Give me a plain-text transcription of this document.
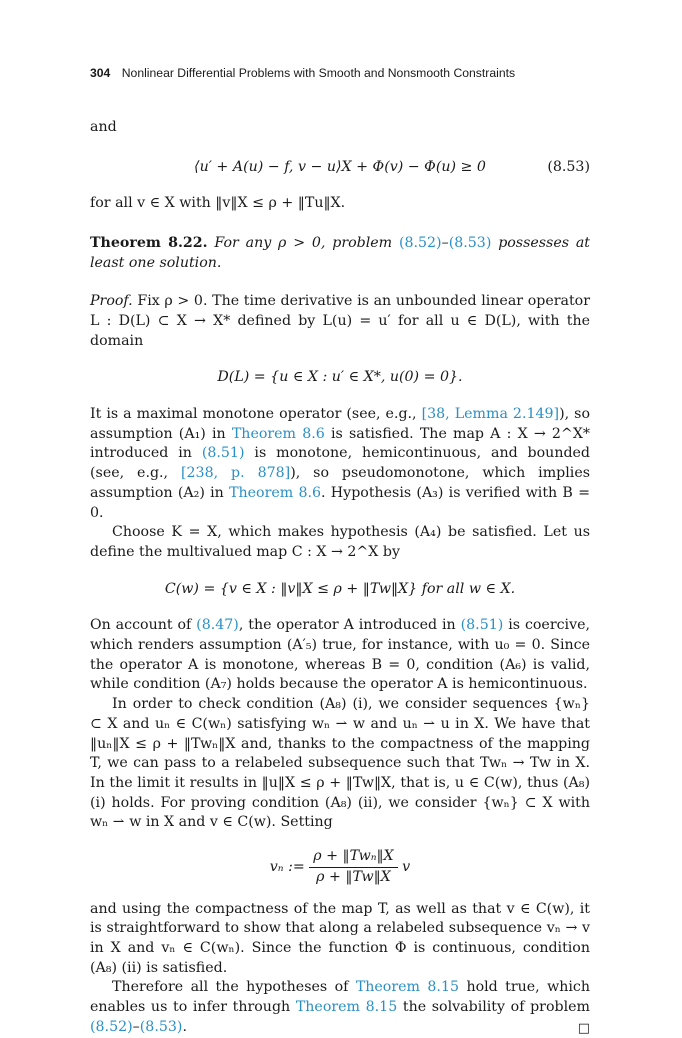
304 Nonlinear Differential Problems with Smooth and Nonsmooth Constraints

and

⟨u′ + A(u) − f, v − u⟩X + Φ(v) − Φ(u) ≥ 0	(8.53)

for all v ∈ X with ‖v‖X ≤ ρ + ‖Tu‖X.

Theorem 8.22. For any ρ > 0, problem (8.52)–(8.53) possesses at least one solution.

Proof. Fix ρ > 0. The time derivative is an unbounded linear operator L : D(L) ⊂ X → X* defined by L(u) = u′ for all u ∈ D(L), with the domain

D(L) = {u ∈ X : u′ ∈ X*, u(0) = 0}.

It is a maximal monotone operator (see, e.g., [38, Lemma 2.149]), so assumption (A₁) in Theorem 8.6 is satisfied. The map A : X → 2^X* introduced in (8.51) is monotone, hemicontinuous, and bounded (see, e.g., [238, p. 878]), so pseudomonotone, which implies assumption (A₂) in Theorem 8.6. Hypothesis (A₃) is verified with B = 0.

Choose K = X, which makes hypothesis (A₄) be satisfied. Let us define the multivalued map C : X → 2^X by

C(w) = {v ∈ X : ‖v‖X ≤ ρ + ‖Tw‖X} for all w ∈ X.

On account of (8.47), the operator A introduced in (8.51) is coercive, which renders assumption (A′₅) true, for instance, with u₀ = 0. Since the operator A is monotone, whereas B = 0, condition (A₆) is valid, while condition (A₇) holds because the operator A is hemicontinuous.

In order to check condition (A₈) (i), we consider sequences {wₙ} ⊂ X and uₙ ∈ C(wₙ) satisfying wₙ ⇀ w and uₙ ⇀ u in X. We have that ‖uₙ‖X ≤ ρ + ‖Twₙ‖X and, thanks to the compactness of the mapping T, we can pass to a relabeled subsequence such that Twₙ → Tw in X. In the limit it results in ‖u‖X ≤ ρ + ‖Tw‖X, that is, u ∈ C(w), thus (A₈) (i) holds. For proving condition (A₈) (ii), we consider {wₙ} ⊂ X with wₙ ⇀ w in X and v ∈ C(w). Setting

vₙ := $\frac{\text{ρ + ‖Twₙ‖X}}{\rho + ‖Tw‖X}$ v

and using the compactness of the map T, as well as that v ∈ C(w), it is straightforward to show that along a relabeled subsequence vₙ → v in X and vₙ ∈ C(wₙ). Since the function Φ is continuous, condition (A₈) (ii) is satisfied.

Therefore all the hypotheses of Theorem 8.15 hold true, which enables us to infer through Theorem 8.15 the solvability of problem (8.52)–(8.53).	□
